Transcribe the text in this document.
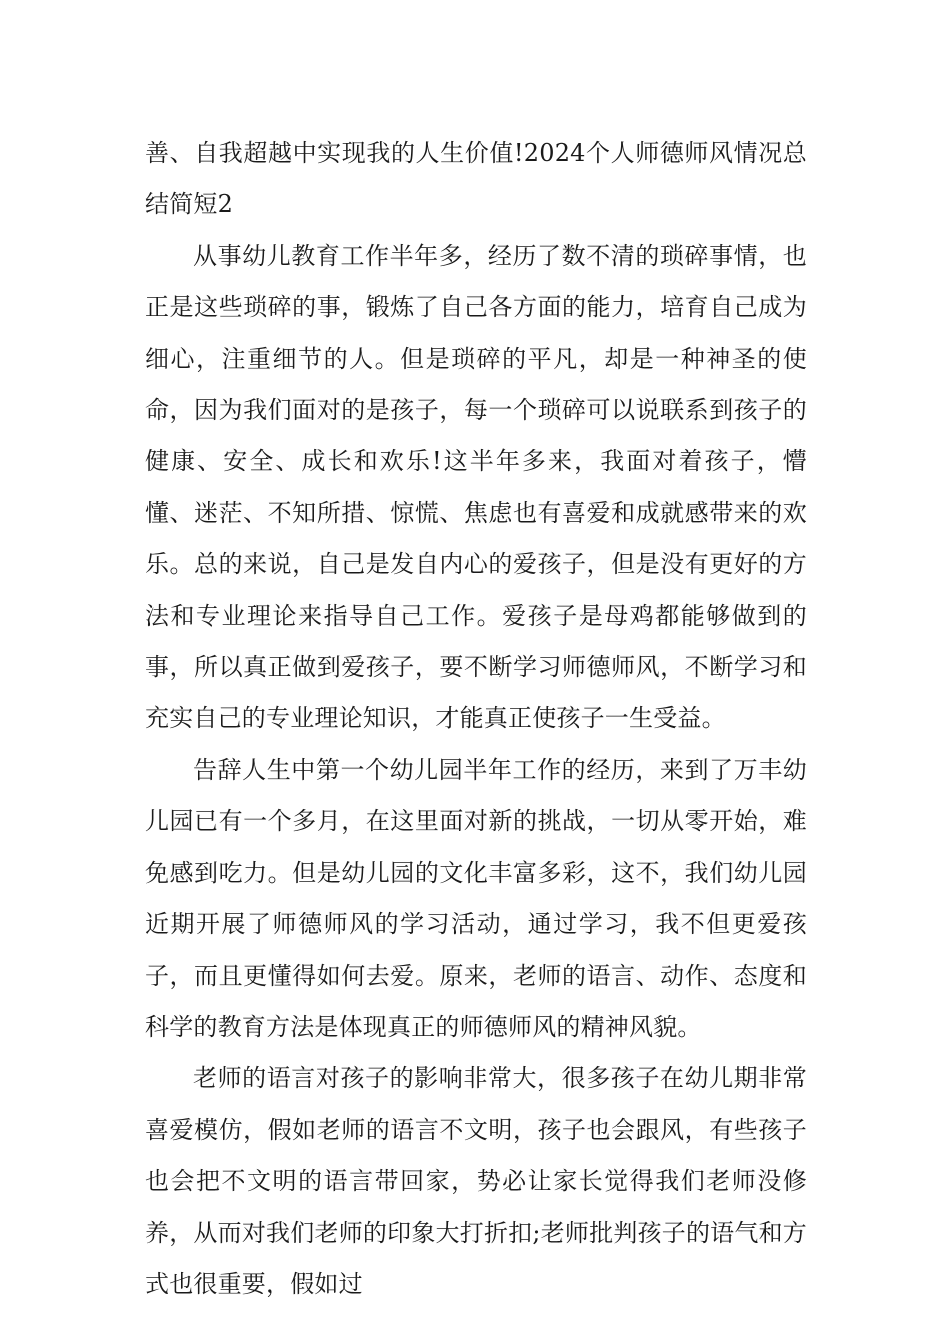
善、自我超越中实现我的人生价值!2024个人师德师风情况总结简短2

从事幼儿教育工作半年多，经历了数不清的琐碎事情，也正是这些琐碎的事，锻炼了自己各方面的能力，培育自己成为细心，注重细节的人。但是琐碎的平凡，却是一种神圣的使命，因为我们面对的是孩子，每一个琐碎可以说联系到孩子的健康、安全、成长和欢乐!这半年多来，我面对着孩子，懵懂、迷茫、不知所措、惊慌、焦虑也有喜爱和成就感带来的欢乐。总的来说，自己是发自内心的爱孩子，但是没有更好的方法和专业理论来指导自己工作。爱孩子是母鸡都能够做到的事，所以真正做到爱孩子，要不断学习师德师风，不断学习和充实自己的专业理论知识，才能真正使孩子一生受益。

告辞人生中第一个幼儿园半年工作的经历，来到了万丰幼儿园已有一个多月，在这里面对新的挑战，一切从零开始，难免感到吃力。但是幼儿园的文化丰富多彩，这不，我们幼儿园近期开展了师德师风的学习活动，通过学习，我不但更爱孩子，而且更懂得如何去爱。原来，老师的语言、动作、态度和科学的教育方法是体现真正的师德师风的精神风貌。

老师的语言对孩子的影响非常大，很多孩子在幼儿期非常喜爱模仿，假如老师的语言不文明，孩子也会跟风，有些孩子也会把不文明的语言带回家，势必让家长觉得我们老师没修养，从而对我们老师的印象大打折扣;老师批判孩子的语气和方式也很重要，假如过
